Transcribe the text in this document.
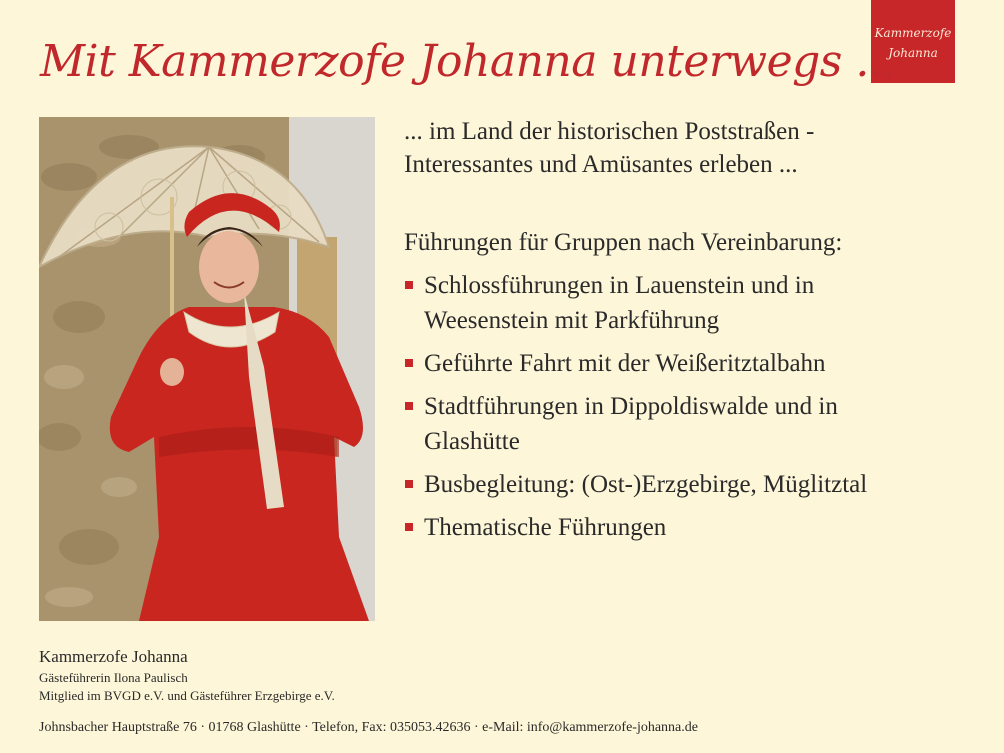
Kammerzofe
Johanna
Mit Kammerzofe Johanna unterwegs ...
... im Land der historischen Poststraßen -
Interessantes und Amüsantes erleben ...
Führungen für Gruppen nach Vereinbarung:
Schlossführungen in Lauenstein und in
Weesenstein mit Parkführung
Geführte Fahrt mit der Weißeritztalbahn
Stadtführungen in Dippoldiswalde und in
Glashütte
Busbegleitung: (Ost-)Erzgebirge, Müglitztal
Thematische Führungen
Kammerzofe Johanna
Gästeführerin Ilona Paulisch
Mitglied im BVGD e.V. und Gästeführer Erzgebirge e.V.
Johnsbacher Hauptstraße 76 · 01768 Glashütte · Telefon, Fax: 035053.42636 · e-Mail: info@kammerzofe-johanna.de
